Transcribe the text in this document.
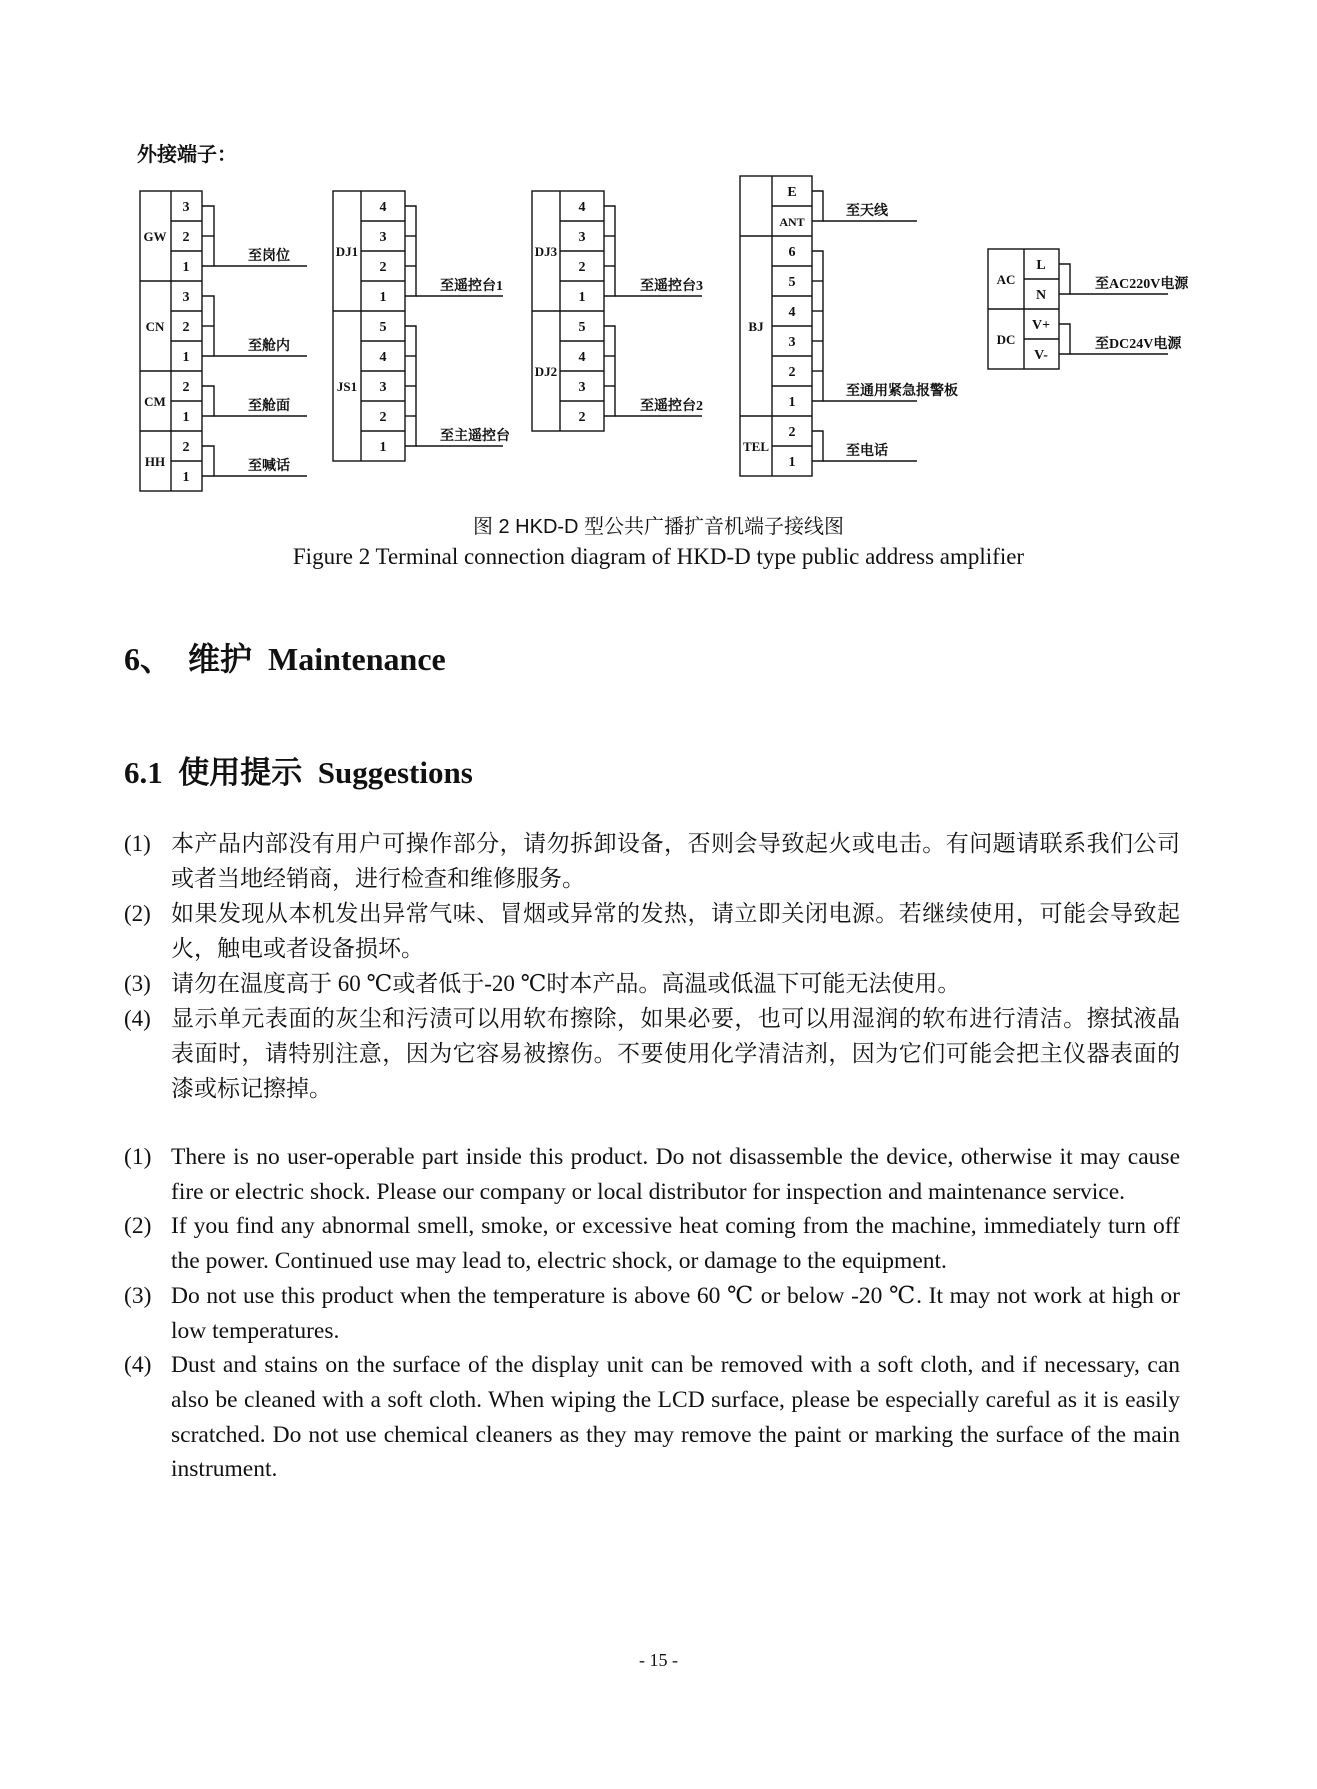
外接端子：
GW
CN
CM
HH
DJ1
JS1
DJ3
DJ2
BJ
TEL
AC
DC
3
2
1
3
2
1
2
1
2
1
4
3
2
1
5
4
3
2
1
4
3
2
1
5
4
3
2
E
ANT
6
5
4
3
2
1
2
1
L
N
V+
V-
至岗位
至舱内
至舱面
至喊话
至遥控台1
至主遥控台
至遥控台3
至遥控台2
至天线
至通用紧急报警板
至电话
至AC220V电源
至DC24V电源
图 2 HKD-D 型公共广播扩音机端子接线图
Figure 2 Terminal connection diagram of HKD-D type public address amplifier
6、  维护  Maintenance
6.1  使用提示  Suggestions
(1) 本产品内部没有用户可操作部分，请勿拆卸设备，否则会导致起火或电击。有问题请联系我们公司或者当地经销商，进行检查和维修服务。
(2) 如果发现从本机发出异常气味、冒烟或异常的发热，请立即关闭电源。若继续使用，可能会导致起火，触电或者设备损坏。
(3) 请勿在温度高于 60 ℃或者低于-20 ℃时本产品。高温或低温下可能无法使用。
(4) 显示单元表面的灰尘和污渍可以用软布擦除，如果必要，也可以用湿润的软布进行清洁。擦拭液晶表面时，请特别注意，因为它容易被擦伤。不要使用化学清洁剂，因为它们可能会把主仪器表面的漆或标记擦掉。
(1) There is no user-operable part inside this product. Do not disassemble the device, otherwise it may cause fire or electric shock. Please our company or local distributor for inspection and maintenance service.
(2) If you find any abnormal smell, smoke, or excessive heat coming from the machine, immediately turn off the power. Continued use may lead to, electric shock, or damage to the equipment.
(3) Do not use this product when the temperature is above 60 ℃ or below -20 ℃. It may not work at high or low temperatures.
(4) Dust and stains on the surface of the display unit can be removed with a soft cloth, and if necessary, can also be cleaned with a soft cloth. When wiping the LCD surface, please be especially careful as it is easily scratched. Do not use chemical cleaners as they may remove the paint or marking the surface of the main instrument.
- 15 -
